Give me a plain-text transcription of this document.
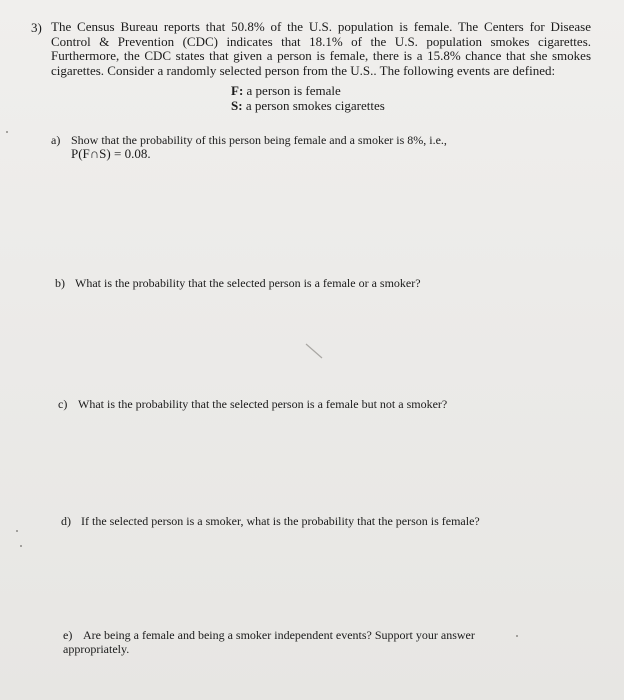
3) The Census Bureau reports that 50.8% of the U.S. population is female. The Centers for Disease Control & Prevention (CDC) indicates that 18.1% of the U.S. population smokes cigarettes. Furthermore, the CDC states that given a person is female, there is a 15.8% chance that she smokes cigarettes. Consider a randomly selected person from the U.S.. The following events are defined:

F: a person is female
S: a person smokes cigarettes
a) Show that the probability of this person being female and a smoker is 8%, i.e.,
P(F∩S) = 0.08.
b) What is the probability that the selected person is a female or a smoker?
c) What is the probability that the selected person is a female but not a smoker?
d) If the selected person is a smoker, what is the probability that the person is female?
e) Are being a female and being a smoker independent events? Support your answer appropriately.
